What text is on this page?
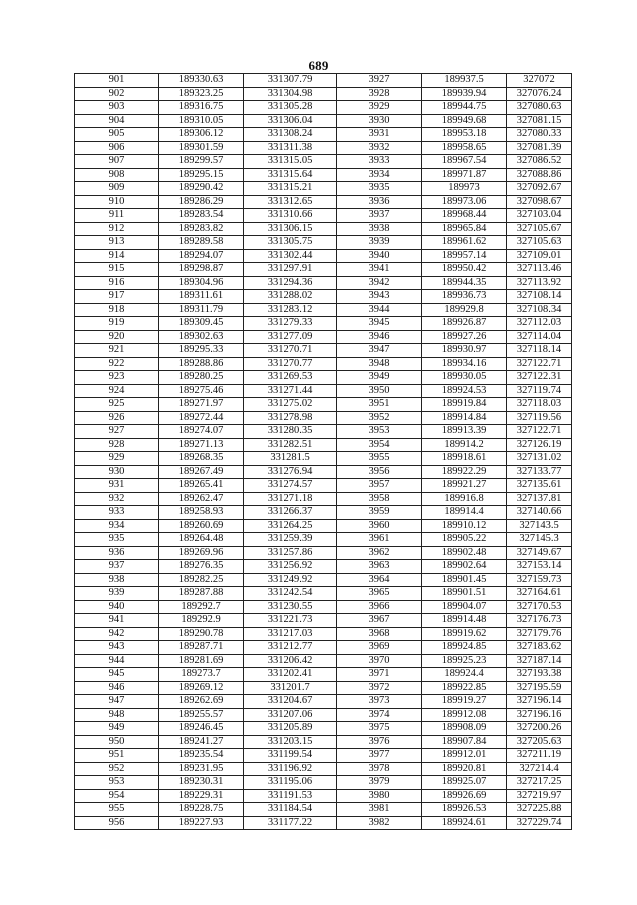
689
901	189330.63	331307.79	3927	189937.5	327072
902	189323.25	331304.98	3928	189939.94	327076.24
903	189316.75	331305.28	3929	189944.75	327080.63
904	189310.05	331306.04	3930	189949.68	327081.15
905	189306.12	331308.24	3931	189953.18	327080.33
906	189301.59	331311.38	3932	189958.65	327081.39
907	189299.57	331315.05	3933	189967.54	327086.52
908	189295.15	331315.64	3934	189971.87	327088.86
909	189290.42	331315.21	3935	189973	327092.67
910	189286.29	331312.65	3936	189973.06	327098.67
911	189283.54	331310.66	3937	189968.44	327103.04
912	189283.82	331306.15	3938	189965.84	327105.67
913	189289.58	331305.75	3939	189961.62	327105.63
914	189294.07	331302.44	3940	189957.14	327109.01
915	189298.87	331297.91	3941	189950.42	327113.46
916	189304.96	331294.36	3942	189944.35	327113.92
917	189311.61	331288.02	3943	189936.73	327108.14
918	189311.79	331283.12	3944	189929.8	327108.34
919	189309.45	331279.33	3945	189926.87	327112.03
920	189302.63	331277.09	3946	189927.26	327114.04
921	189295.33	331270.71	3947	189930.97	327118.14
922	189288.86	331270.77	3948	189934.16	327122.71
923	189280.25	331269.53	3949	189930.05	327122.31
924	189275.46	331271.44	3950	189924.53	327119.74
925	189271.97	331275.02	3951	189919.84	327118.03
926	189272.44	331278.98	3952	189914.84	327119.56
927	189274.07	331280.35	3953	189913.39	327122.71
928	189271.13	331282.51	3954	189914.2	327126.19
929	189268.35	331281.5	3955	189918.61	327131.02
930	189267.49	331276.94	3956	189922.29	327133.77
931	189265.41	331274.57	3957	189921.27	327135.61
932	189262.47	331271.18	3958	189916.8	327137.81
933	189258.93	331266.37	3959	189914.4	327140.66
934	189260.69	331264.25	3960	189910.12	327143.5
935	189264.48	331259.39	3961	189905.22	327145.3
936	189269.96	331257.86	3962	189902.48	327149.67
937	189276.35	331256.92	3963	189902.64	327153.14
938	189282.25	331249.92	3964	189901.45	327159.73
939	189287.88	331242.54	3965	189901.51	327164.61
940	189292.7	331230.55	3966	189904.07	327170.53
941	189292.9	331221.73	3967	189914.48	327176.73
942	189290.78	331217.03	3968	189919.62	327179.76
943	189287.71	331212.77	3969	189924.85	327183.62
944	189281.69	331206.42	3970	189925.23	327187.14
945	189273.7	331202.41	3971	189924.4	327193.38
946	189269.12	331201.7	3972	189922.85	327195.59
947	189262.69	331204.67	3973	189919.27	327196.14
948	189255.57	331207.06	3974	189912.08	327196.16
949	189246.45	331205.89	3975	189908.09	327200.26
950	189241.27	331203.15	3976	189907.84	327205.63
951	189235.54	331199.54	3977	189912.01	327211.19
952	189231.95	331196.92	3978	189920.81	327214.4
953	189230.31	331195.06	3979	189925.07	327217.25
954	189229.31	331191.53	3980	189926.69	327219.97
955	189228.75	331184.54	3981	189926.53	327225.88
956	189227.93	331177.22	3982	189924.61	327229.74
